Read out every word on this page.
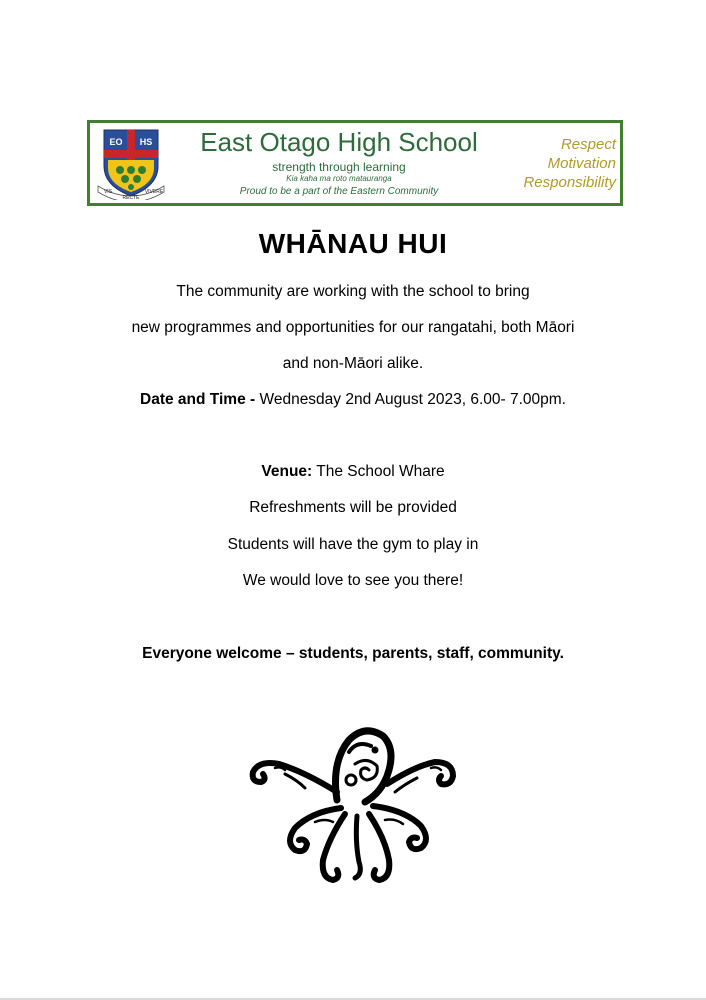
EO HS
VIS
RECTE
VIVERE
East Otago High School
strength through learning
Kia kaha ma roto matauranga
Proud to be a part of the Eastern Community
Respect
Motivation
Responsibility
WHĀNAU HUI
The community are working with the school to bring
new programmes and opportunities for our rangatahi, both Māori
and non-Māori alike.
Date and Time - Wednesday 2nd August 2023, 6.00- 7.00pm.
Venue: The School Whare
Refreshments will be provided
Students will have the gym to play in
We would love to see you there!
Everyone welcome – students, parents, staff, community.
